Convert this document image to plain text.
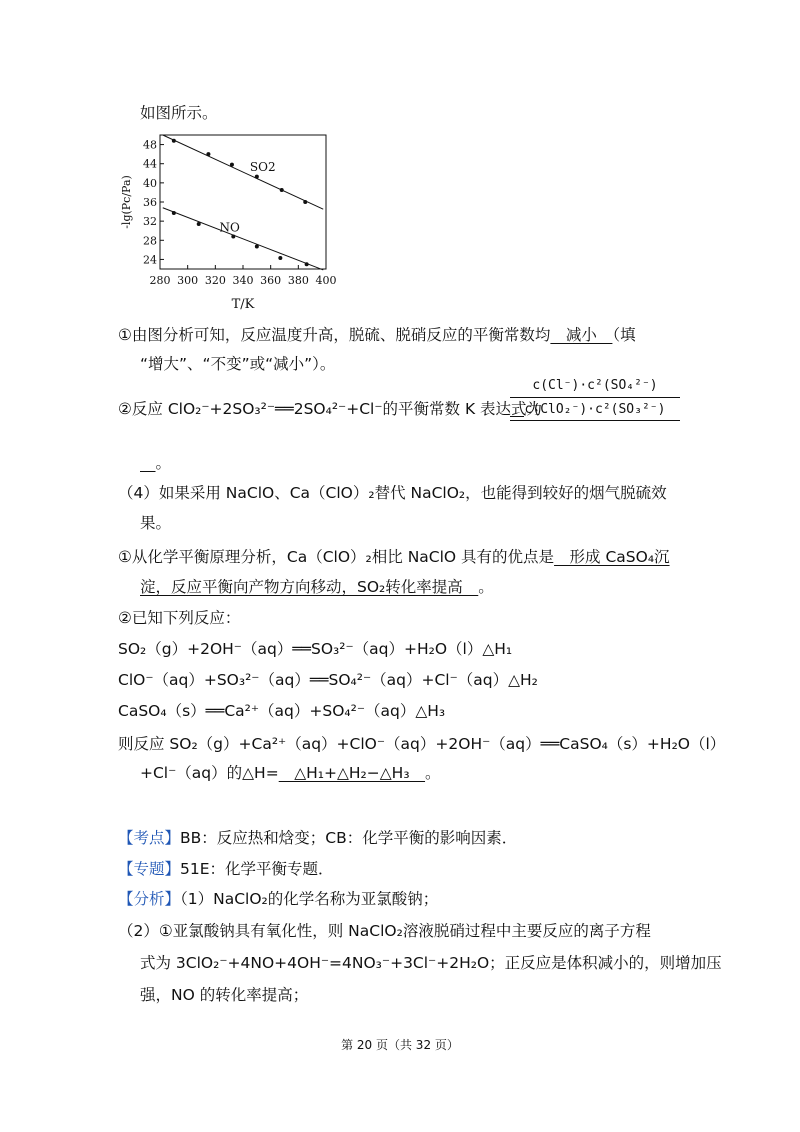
如图所示。
24
28
32
36
40
44
48
280 300 320 340 360 380 400
SO2
NO
-lg(Pc/Pa)
T/K
①由图分析可知，反应温度升高，脱硫、脱硝反应的平衡常数均　减小　（填
“增大”、“不变”或“减小”）。
②反应 ClO₂⁻+2SO₃²⁻══2SO₄²⁻+Cl⁻的平衡常数 K 表达式为
c(Cl⁻)·c²(SO₄²⁻)
c(ClO₂⁻)·c²(SO₃²⁻)
　。
（4）如果采用 NaClO、Ca（ClO）₂替代 NaClO₂，也能得到较好的烟气脱硫效
果。
①从化学平衡原理分析，Ca（ClO）₂相比 NaClO 具有的优点是　形成 CaSO₄沉
淀，反应平衡向产物方向移动，SO₂转化率提高　。
②已知下列反应：
SO₂（g）+2OH⁻（aq）══SO₃²⁻（aq）+H₂O（l）△H₁
ClO⁻（aq）+SO₃²⁻（aq）══SO₄²⁻（aq）+Cl⁻（aq）△H₂
CaSO₄（s）══Ca²⁺（aq）+SO₄²⁻（aq）△H₃
则反应 SO₂（g）+Ca²⁺（aq）+ClO⁻（aq）+2OH⁻（aq）══CaSO₄（s）+H₂O（l）
+Cl⁻（aq）的△H=　△H₁+△H₂−△H₃　。
【考点】BB：反应热和焓变；CB：化学平衡的影响因素．
【专题】51E：化学平衡专题．
【分析】（1）NaClO₂的化学名称为亚氯酸钠；
（2）①亚氯酸钠具有氧化性，则 NaClO₂溶液脱硝过程中主要反应的离子方程
式为 3ClO₂⁻+4NO+4OH⁻=4NO₃⁻+3Cl⁻+2H₂O；正反应是体积减小的，则增加压
强，NO 的转化率提高；
第 20 页（共 32 页）
